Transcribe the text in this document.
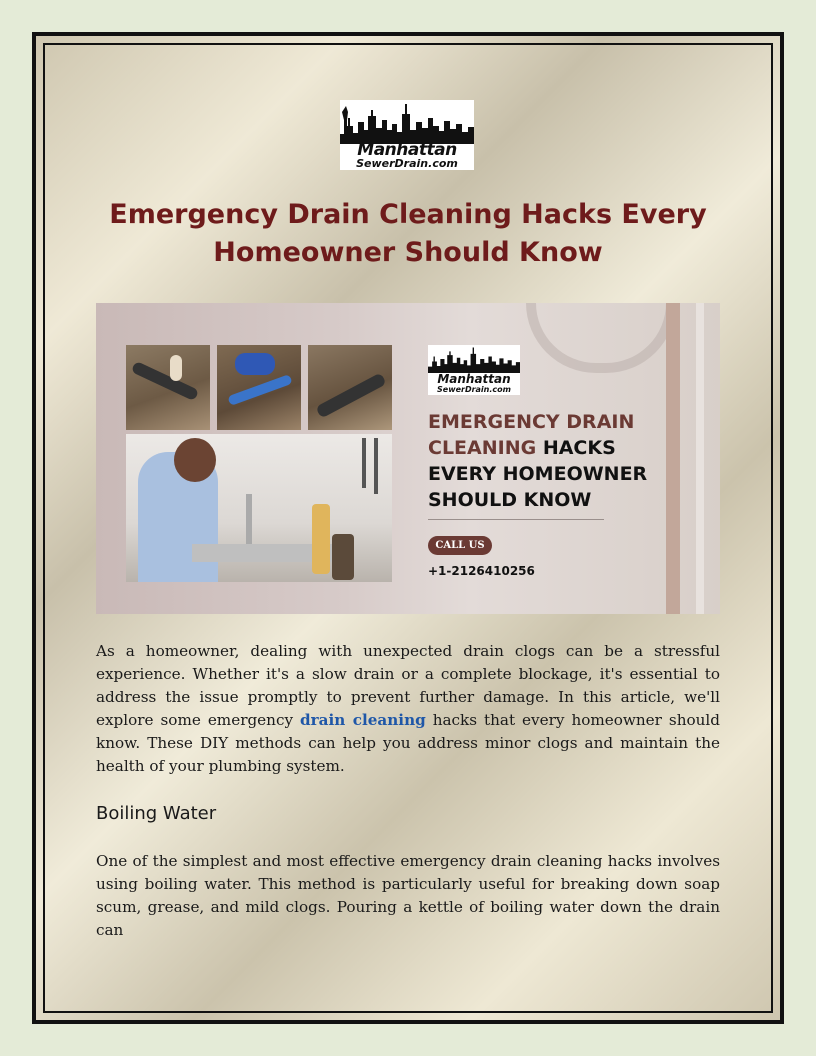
Manhattan
SewerDrain.com
Emergency Drain Cleaning Hacks Every Homeowner Should Know
Manhattan
SewerDrain.com
EMERGENCY DRAIN CLEANING HACKS EVERY HOMEOWNER SHOULD KNOW
CALL US
+1-2126410256

As a homeowner, dealing with unexpected drain clogs can be a stressful experience. Whether it's a slow drain or a complete blockage, it's essential to address the issue promptly to prevent further damage. In this article, we'll explore some emergency drain cleaning hacks that every homeowner should know. These DIY methods can help you address minor clogs and maintain the health of your plumbing system.

Boiling Water

One of the simplest and most effective emergency drain cleaning hacks involves using boiling water. This method is particularly useful for breaking down soap scum, grease, and mild clogs. Pouring a kettle of boiling water down the drain can
